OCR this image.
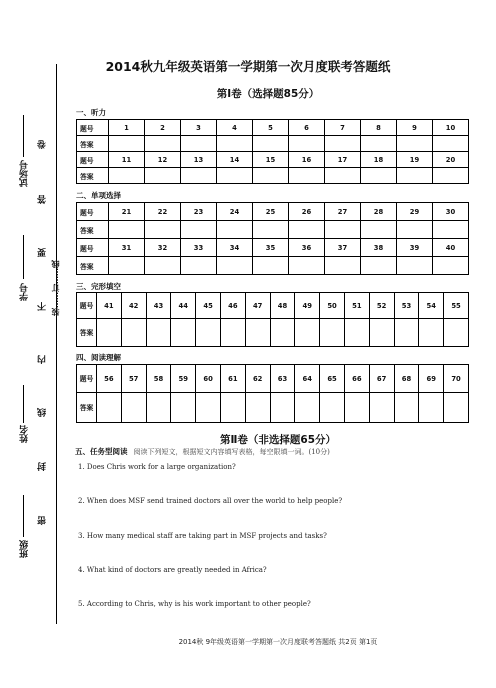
装……订……线
试场号
学号
姓名
班级
卷
答
要
不
内
线
封
密
2014秋九年级英语第一学期第一次月度联考答题纸
第Ⅰ卷（选择题85分）
一、听力
题号	1	2	3	4	5	6	7	8	9	10
答案										
题号	11	12	13	14	15	16	17	18	19	20
答案										
二、单项选择
题号	21	22	23	24	25	26	27	28	29	30
答案										
题号	31	32	33	34	35	36	37	38	39	40
答案										
三、完形填空
题号	41	42	43	44	45	46	47	48	49	50	51	52	53	54	55
答案															
四、阅读理解
题号	56	57	58	59	60	61	62	63	64	65	66	67	68	69	70
答案															
第Ⅱ卷（非选择题65分）
五、任务型阅读 阅读下列短文，根据短文内容填写表格，每空限填一词。(10分)
1. Does Chris work for a large organization?
2. When does MSF send trained doctors all over the world to help people?
3. How many medical staff are taking part in MSF projects and tasks?
4. What kind of doctors are greatly needed in Africa?
5. According to Chris, why is his work important to other people?
2014秋 9年级英语第一学期第一次月度联考答题纸 共2页 第1页
